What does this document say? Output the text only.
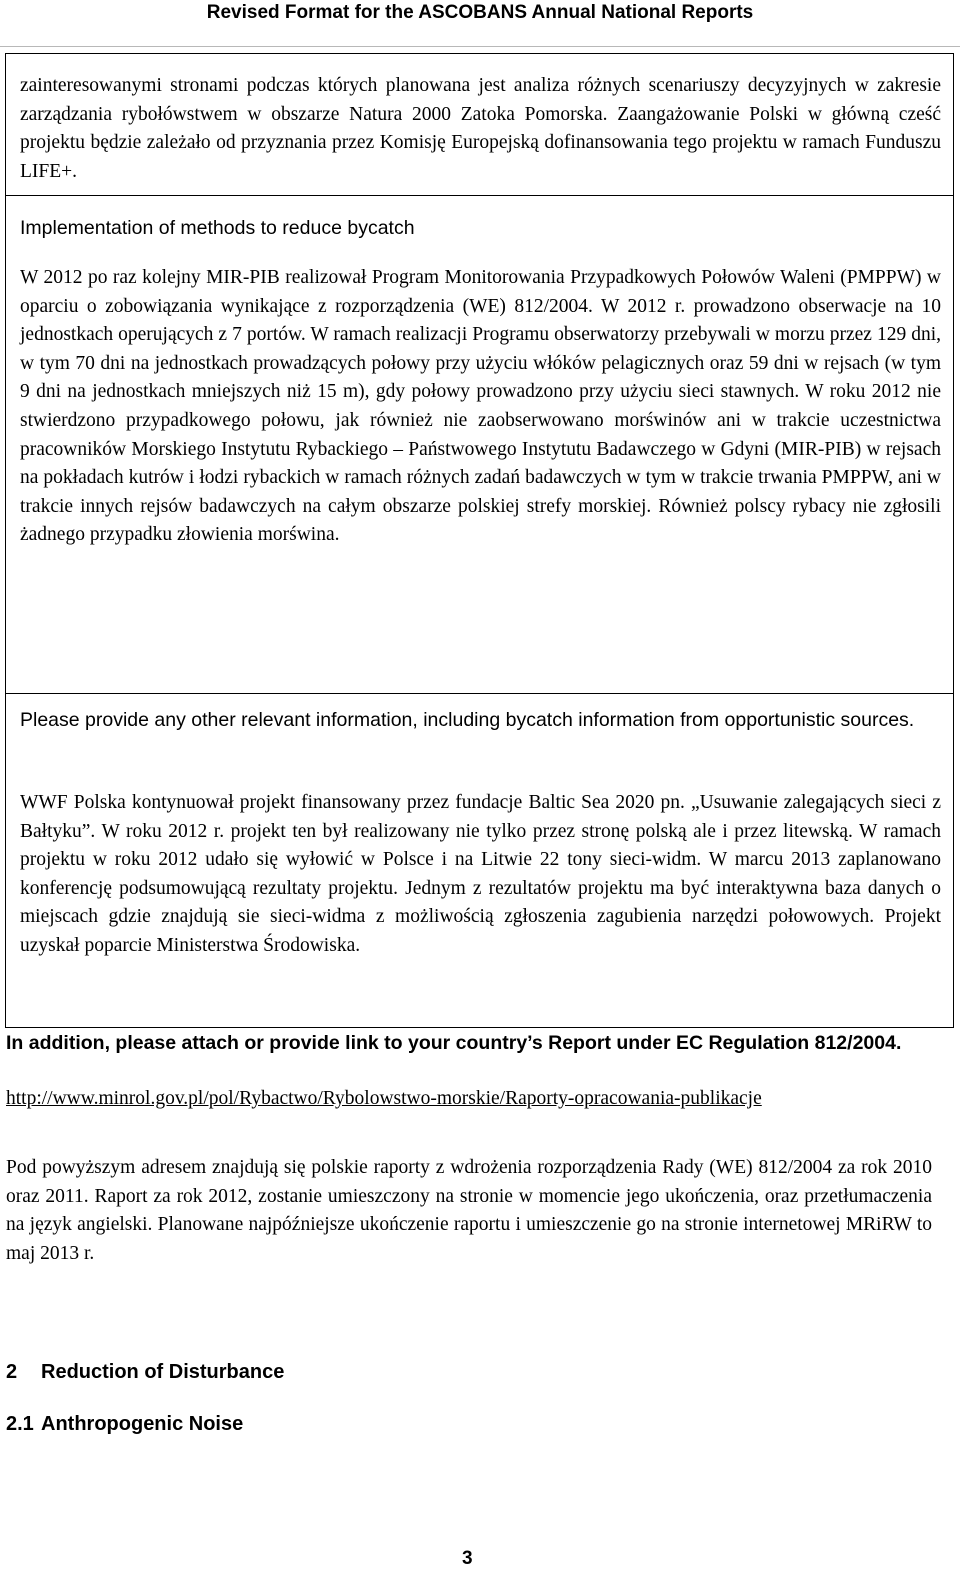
Revised Format for the ASCOBANS Annual National Reports

zainteresowanymi stronami podczas których planowana jest analiza różnych scenariuszy decyzyjnych w zakresie zarządzania rybołówstwem w obszarze Natura 2000 Zatoka Pomorska. Zaangażowanie Polski w główną cześć projektu będzie zależało od przyznania przez Komisję Europejską dofinansowania tego projektu w ramach Funduszu LIFE+.

Implementation of methods to reduce bycatch

W 2012 po raz kolejny MIR-PIB realizował Program Monitorowania Przypadkowych Połowów Waleni (PMPPW) w oparciu o zobowiązania wynikające z rozporządzenia (WE) 812/2004. W 2012 r. prowadzono obserwacje na 10 jednostkach operujących z 7 portów. W ramach realizacji Programu obserwatorzy przebywali w morzu przez 129 dni, w tym 70 dni na jednostkach prowadzących połowy przy użyciu włóków pelagicznych oraz 59 dni w rejsach (w tym 9 dni na jednostkach mniejszych niż 15 m), gdy połowy prowadzono przy użyciu sieci stawnych. W roku 2012 nie stwierdzono przypadkowego połowu, jak również nie zaobserwowano morświnów ani w trakcie uczestnictwa pracowników Morskiego Instytutu Rybackiego – Państwowego Instytutu Badawczego w Gdyni (MIR-PIB) w rejsach na pokładach kutrów i łodzi rybackich w ramach różnych zadań badawczych w tym w trakcie trwania PMPPW, ani w trakcie innych rejsów badawczych na całym obszarze polskiej strefy morskiej. Również polscy rybacy nie zgłosili żadnego przypadku złowienia morświna.

Please provide any other relevant information, including bycatch information from opportunistic sources.

WWF Polska kontynuował projekt finansowany przez fundacje Baltic Sea 2020 pn. „Usuwanie zalegających sieci z Bałtyku”. W roku 2012 r. projekt ten był realizowany nie tylko przez stronę polską ale i przez litewską. W ramach projektu w roku 2012 udało się wyłowić w Polsce i na Litwie 22 tony sieci-widm. W marcu 2013 zaplanowano konferencję podsumowującą rezultaty projektu. Jednym z rezultatów projektu ma być interaktywna baza danych o miejscach gdzie znajdują sie sieci-widma z możliwością zgłoszenia zagubienia narzędzi połowowych. Projekt uzyskał poparcie Ministerstwa Środowiska.

In addition, please attach or provide link to your country’s Report under EC Regulation 812/2004.
http://www.minrol.gov.pl/pol/Rybactwo/Rybolowstwo-morskie/Raporty-opracowania-publikacje

Pod powyższym adresem znajdują się polskie raporty z wdrożenia rozporządzenia Rady (WE) 812/2004 za rok 2010 oraz 2011. Raport za rok 2012, zostanie umieszczony na stronie w momencie jego ukończenia, oraz przetłumaczenia na język angielski. Planowane najpóźniejsze ukończenie raportu i umieszczenie go na stronie internetowej MRiRW to maj 2013 r.

2 Reduction of Disturbance
2.1 Anthropogenic Noise
3
